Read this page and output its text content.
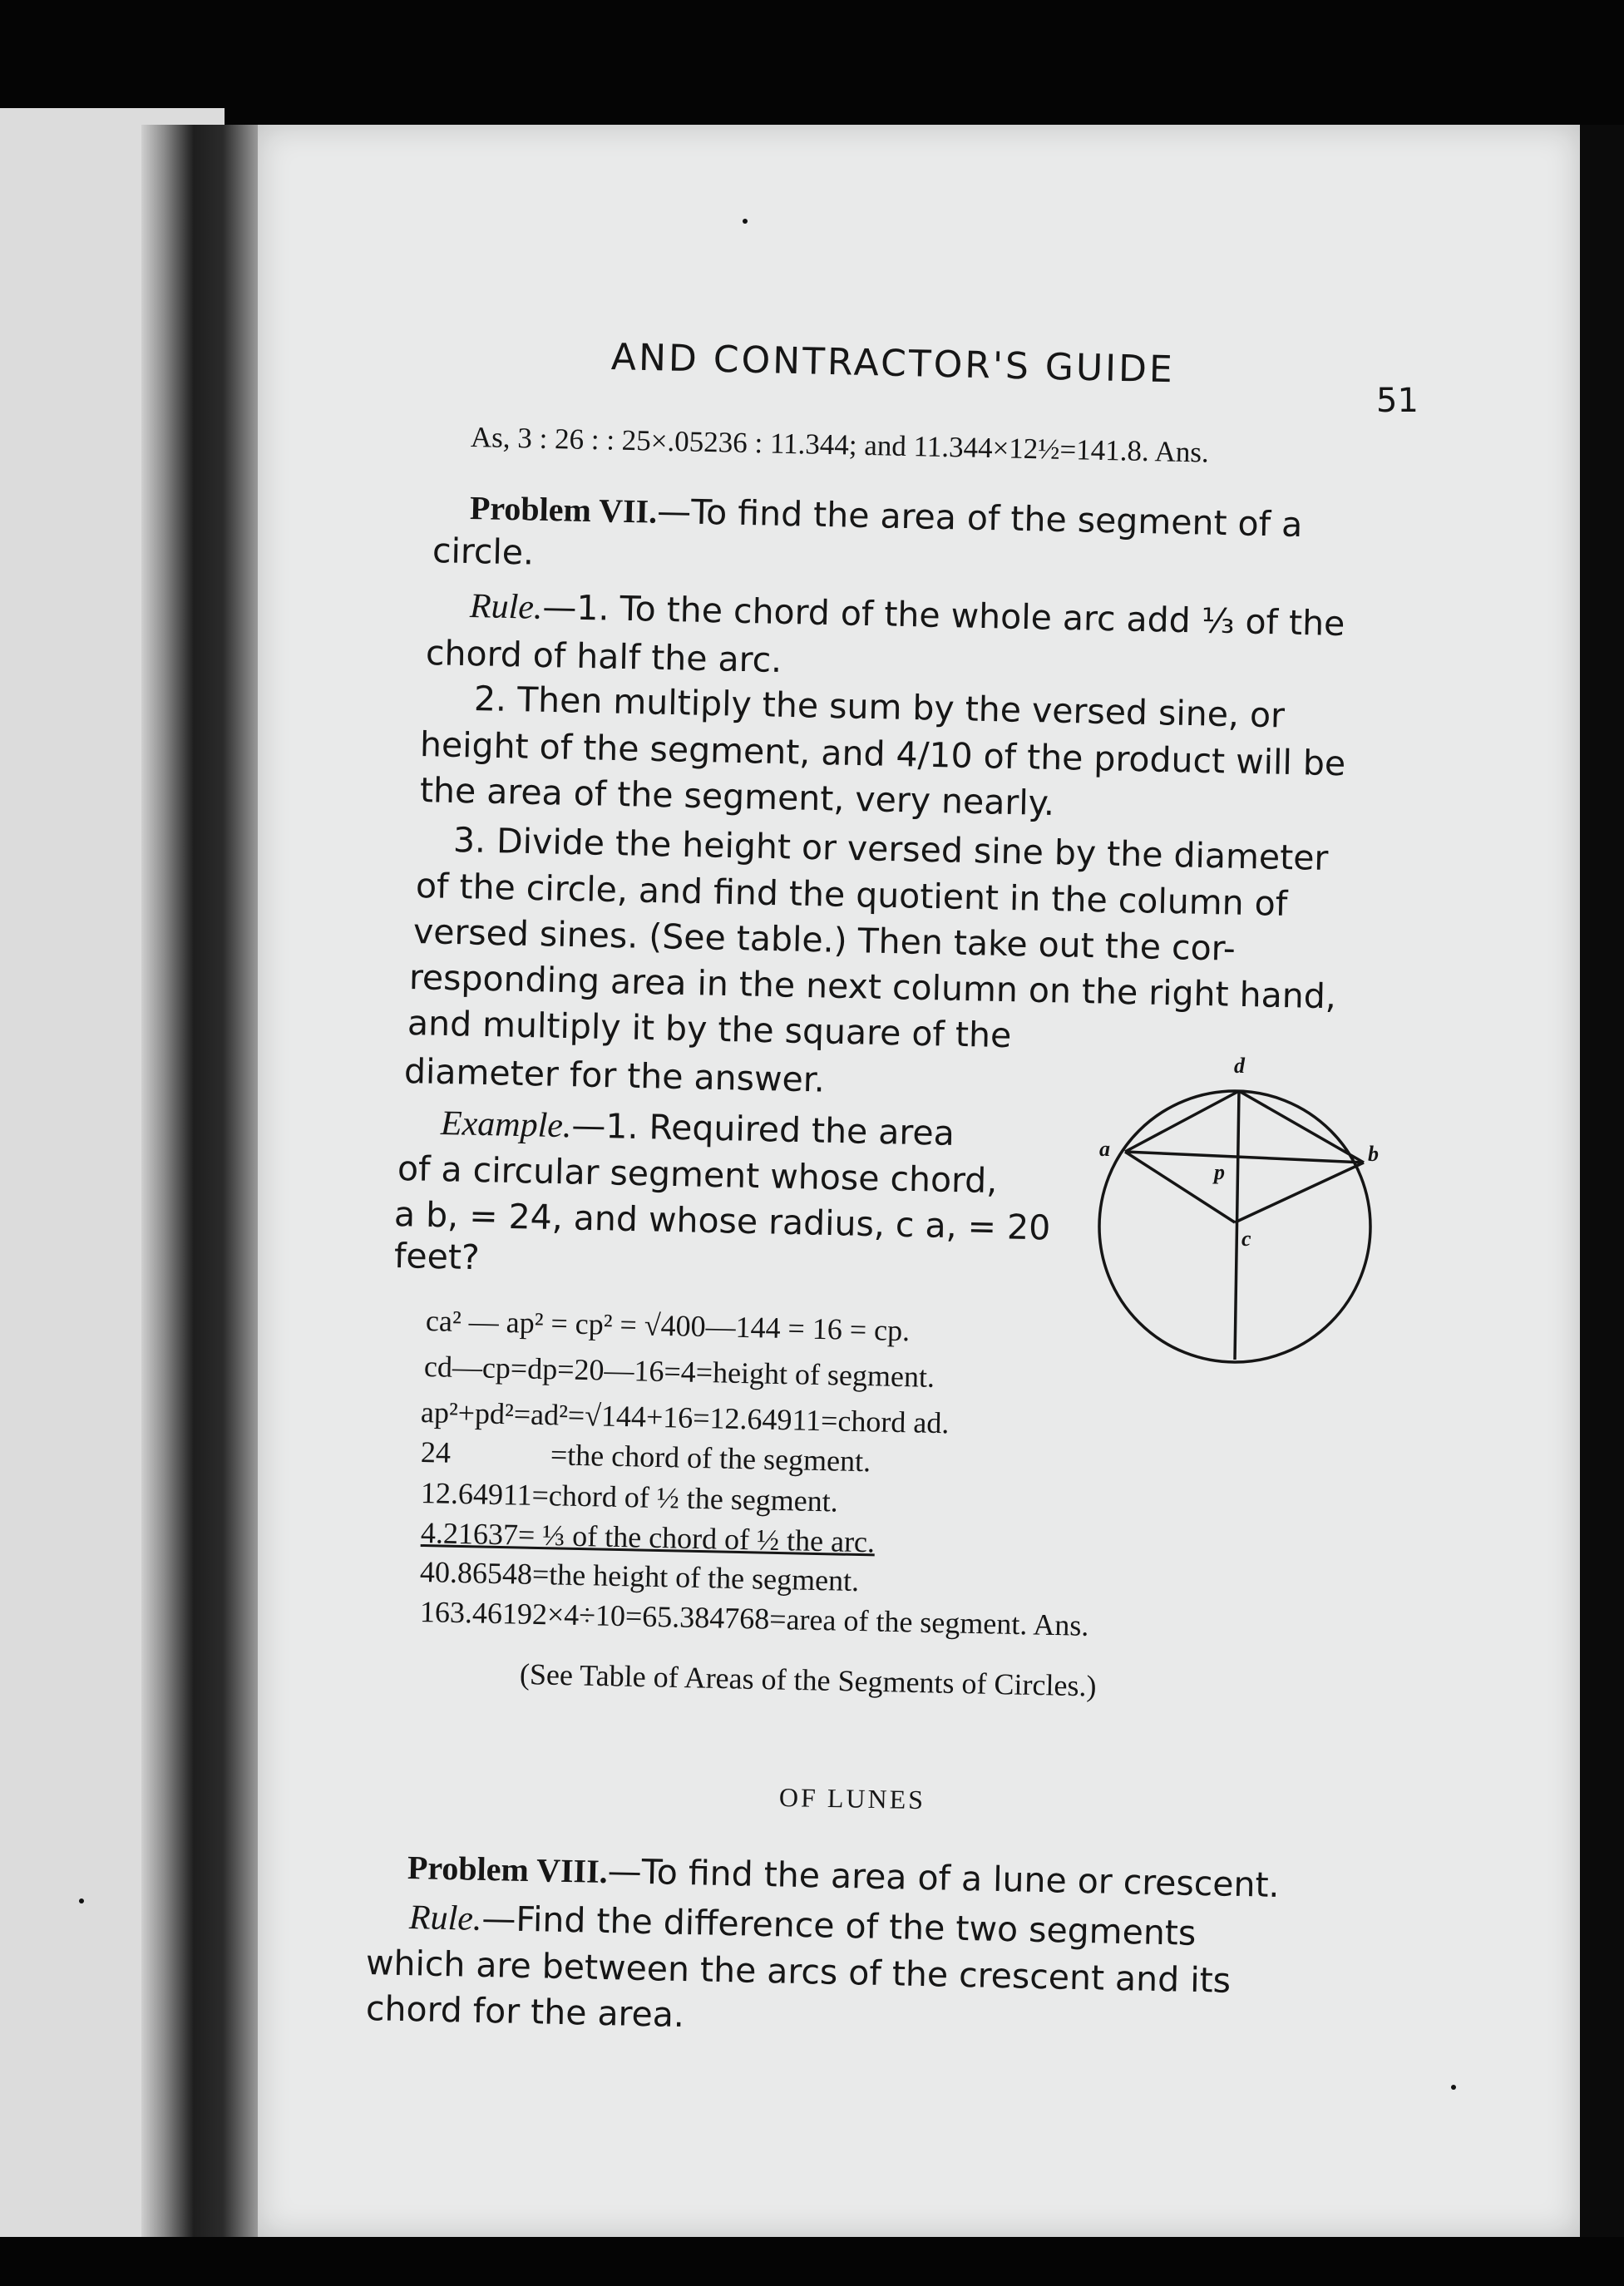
AND CONTRACTOR'S GUIDE
51
As, 3 : 26 : : 25×.05236 : 11.344; and 11.344×12½=141.8. Ans.
Problem VII.—To find the area of the segment of a
circle.
Rule.—1. To the chord of the whole arc add ⅓ of the
chord of half the arc.
2. Then multiply the sum by the versed sine, or
height of the segment, and 4/10 of the product will be
the area of the segment, very nearly.
3. Divide the height or versed sine by the diameter
of the circle, and find the quotient in the column of
versed sines. (See table.) Then take out the cor-
responding area in the next column on the right hand,
and multiply it by the square of the
diameter for the answer.
Example.—1. Required the area
of a circular segment whose chord,
a b, = 24, and whose radius, c a, = 20
feet?
d
a	b
p
c
ca² — ap² = cp² = √400—144 = 16 = cp.
cd—cp=dp=20—16=4=height of segment.
ap²+pd²=ad²=√144+16=12.64911=chord ad.
24	=the chord of the segment.
12.64911=chord of ½ the segment.
4.21637= ⅓ of the chord of ½ the arc.
40.86548=the height of the segment.
163.46192×4÷10=65.384768=area of the segment. Ans.
(See Table of Areas of the Segments of Circles.)
OF LUNES
Problem VIII.—To find the area of a lune or crescent.
Rule.—Find the difference of the two segments
which are between the arcs of the crescent and its
chord for the area.
